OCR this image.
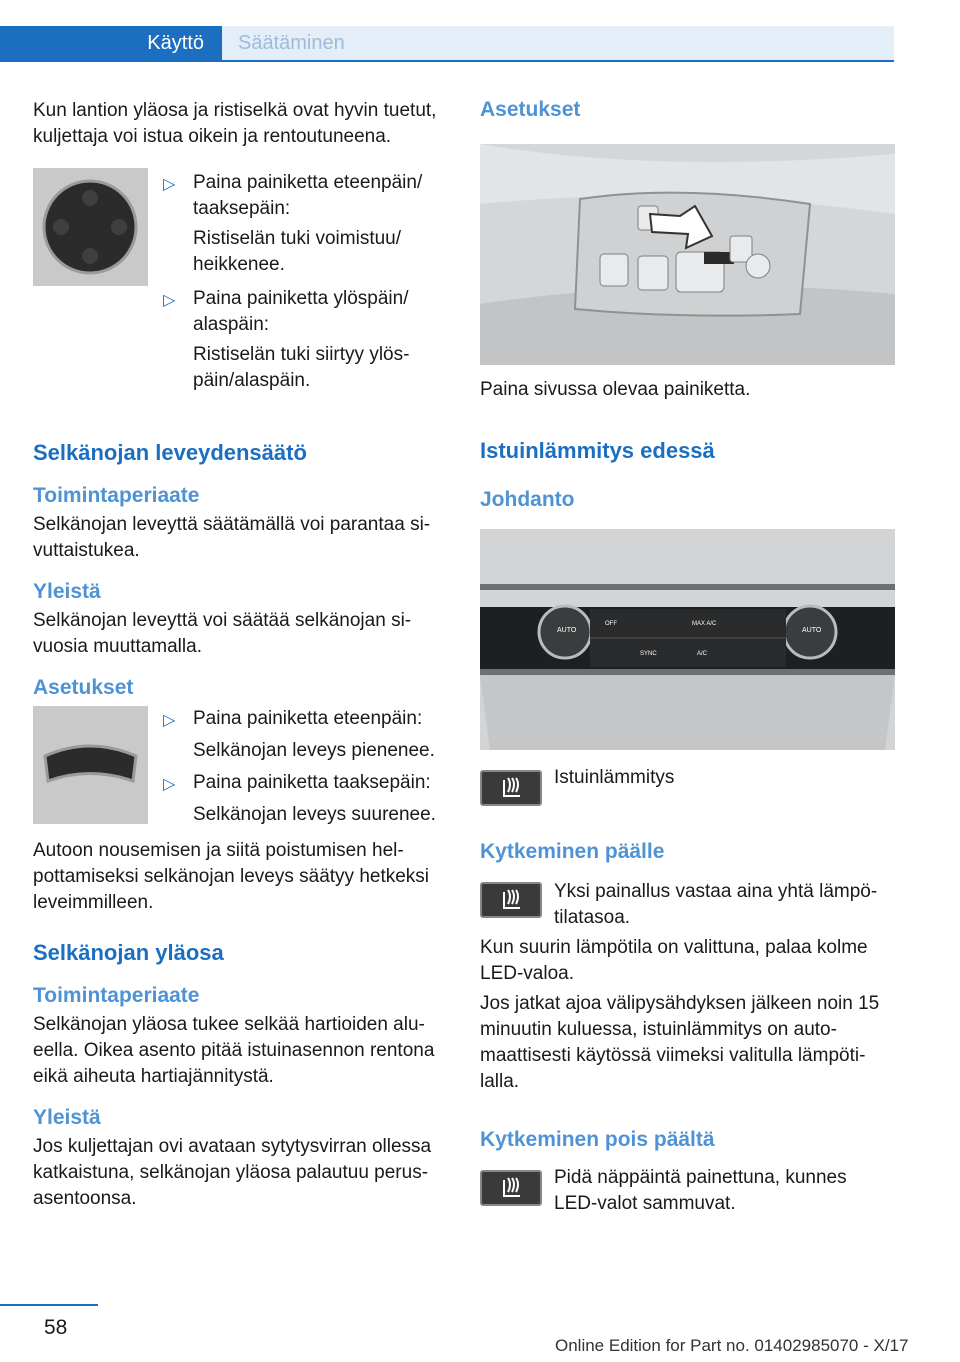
Käyttö	Säätäminen

Kun lantion yläosa ja ristiselkä ovat hyvin tuetut, kuljettaja voi istua oikein ja rentoutuneena.

▷ Paina painiketta eteenpäin/ taaksepäin:
Ristiselän tuki voimistuu/ heikkenee.
▷ Paina painiketta ylöspäin/ alaspäin:
Ristiselän tuki siirtyy ylöspäin/alaspäin.
Selkänojan leveydensäätö
Toimintaperiaate

Selkänojan leveyttä säätämällä voi parantaa sivuttaistukea.

Yleistä

Selkänojan leveyttä voi säätää selkänojan sivuosia muuttamalla.

Asetukset
▷ Paina painiketta eteenpäin:
Selkänojan leveys pienenee.
▷ Paina painiketta taaksepäin:
Selkänojan leveys suurenee.

Autoon nousemisen ja siitä poistumisen helpottamiseksi selkänojan leveys säätyy hetkeksi leveimmilleen.

Selkänojan yläosa
Toimintaperiaate

Selkänojan yläosa tukee selkää hartioiden alueella. Oikea asento pitää istuinasennon rentona eikä aiheuta hartiajännitystä.

Yleistä

Jos kuljettajan ovi avataan sytytysvirran ollessa katkaistuna, selkänojan yläosa palautuu perusasentoonsa.

Asetukset

Paina sivussa olevaa painiketta.

Istuinlämmitys edessä
Johdanto
AUTO
OFF	MAX A/C
SYNC	A/C
AUTO
Istuinlämmitys
Kytkeminen päälle

Yksi painallus vastaa aina yhtä lämpötilatasoa.

Kun suurin lämpötila on valittuna, palaa kolme LED-valoa.

Jos jatkat ajoa välipysähdyksen jälkeen noin 15 minuutin kuluessa, istuinlämmitys on automaattisesti käytössä viimeksi valitulla lämpötilalla.

Kytkeminen pois päältä

Pidä näppäintä painettuna, kunnes LED-valot sammuvat.

58
Online Edition for Part no. 01402985070 - X/17
